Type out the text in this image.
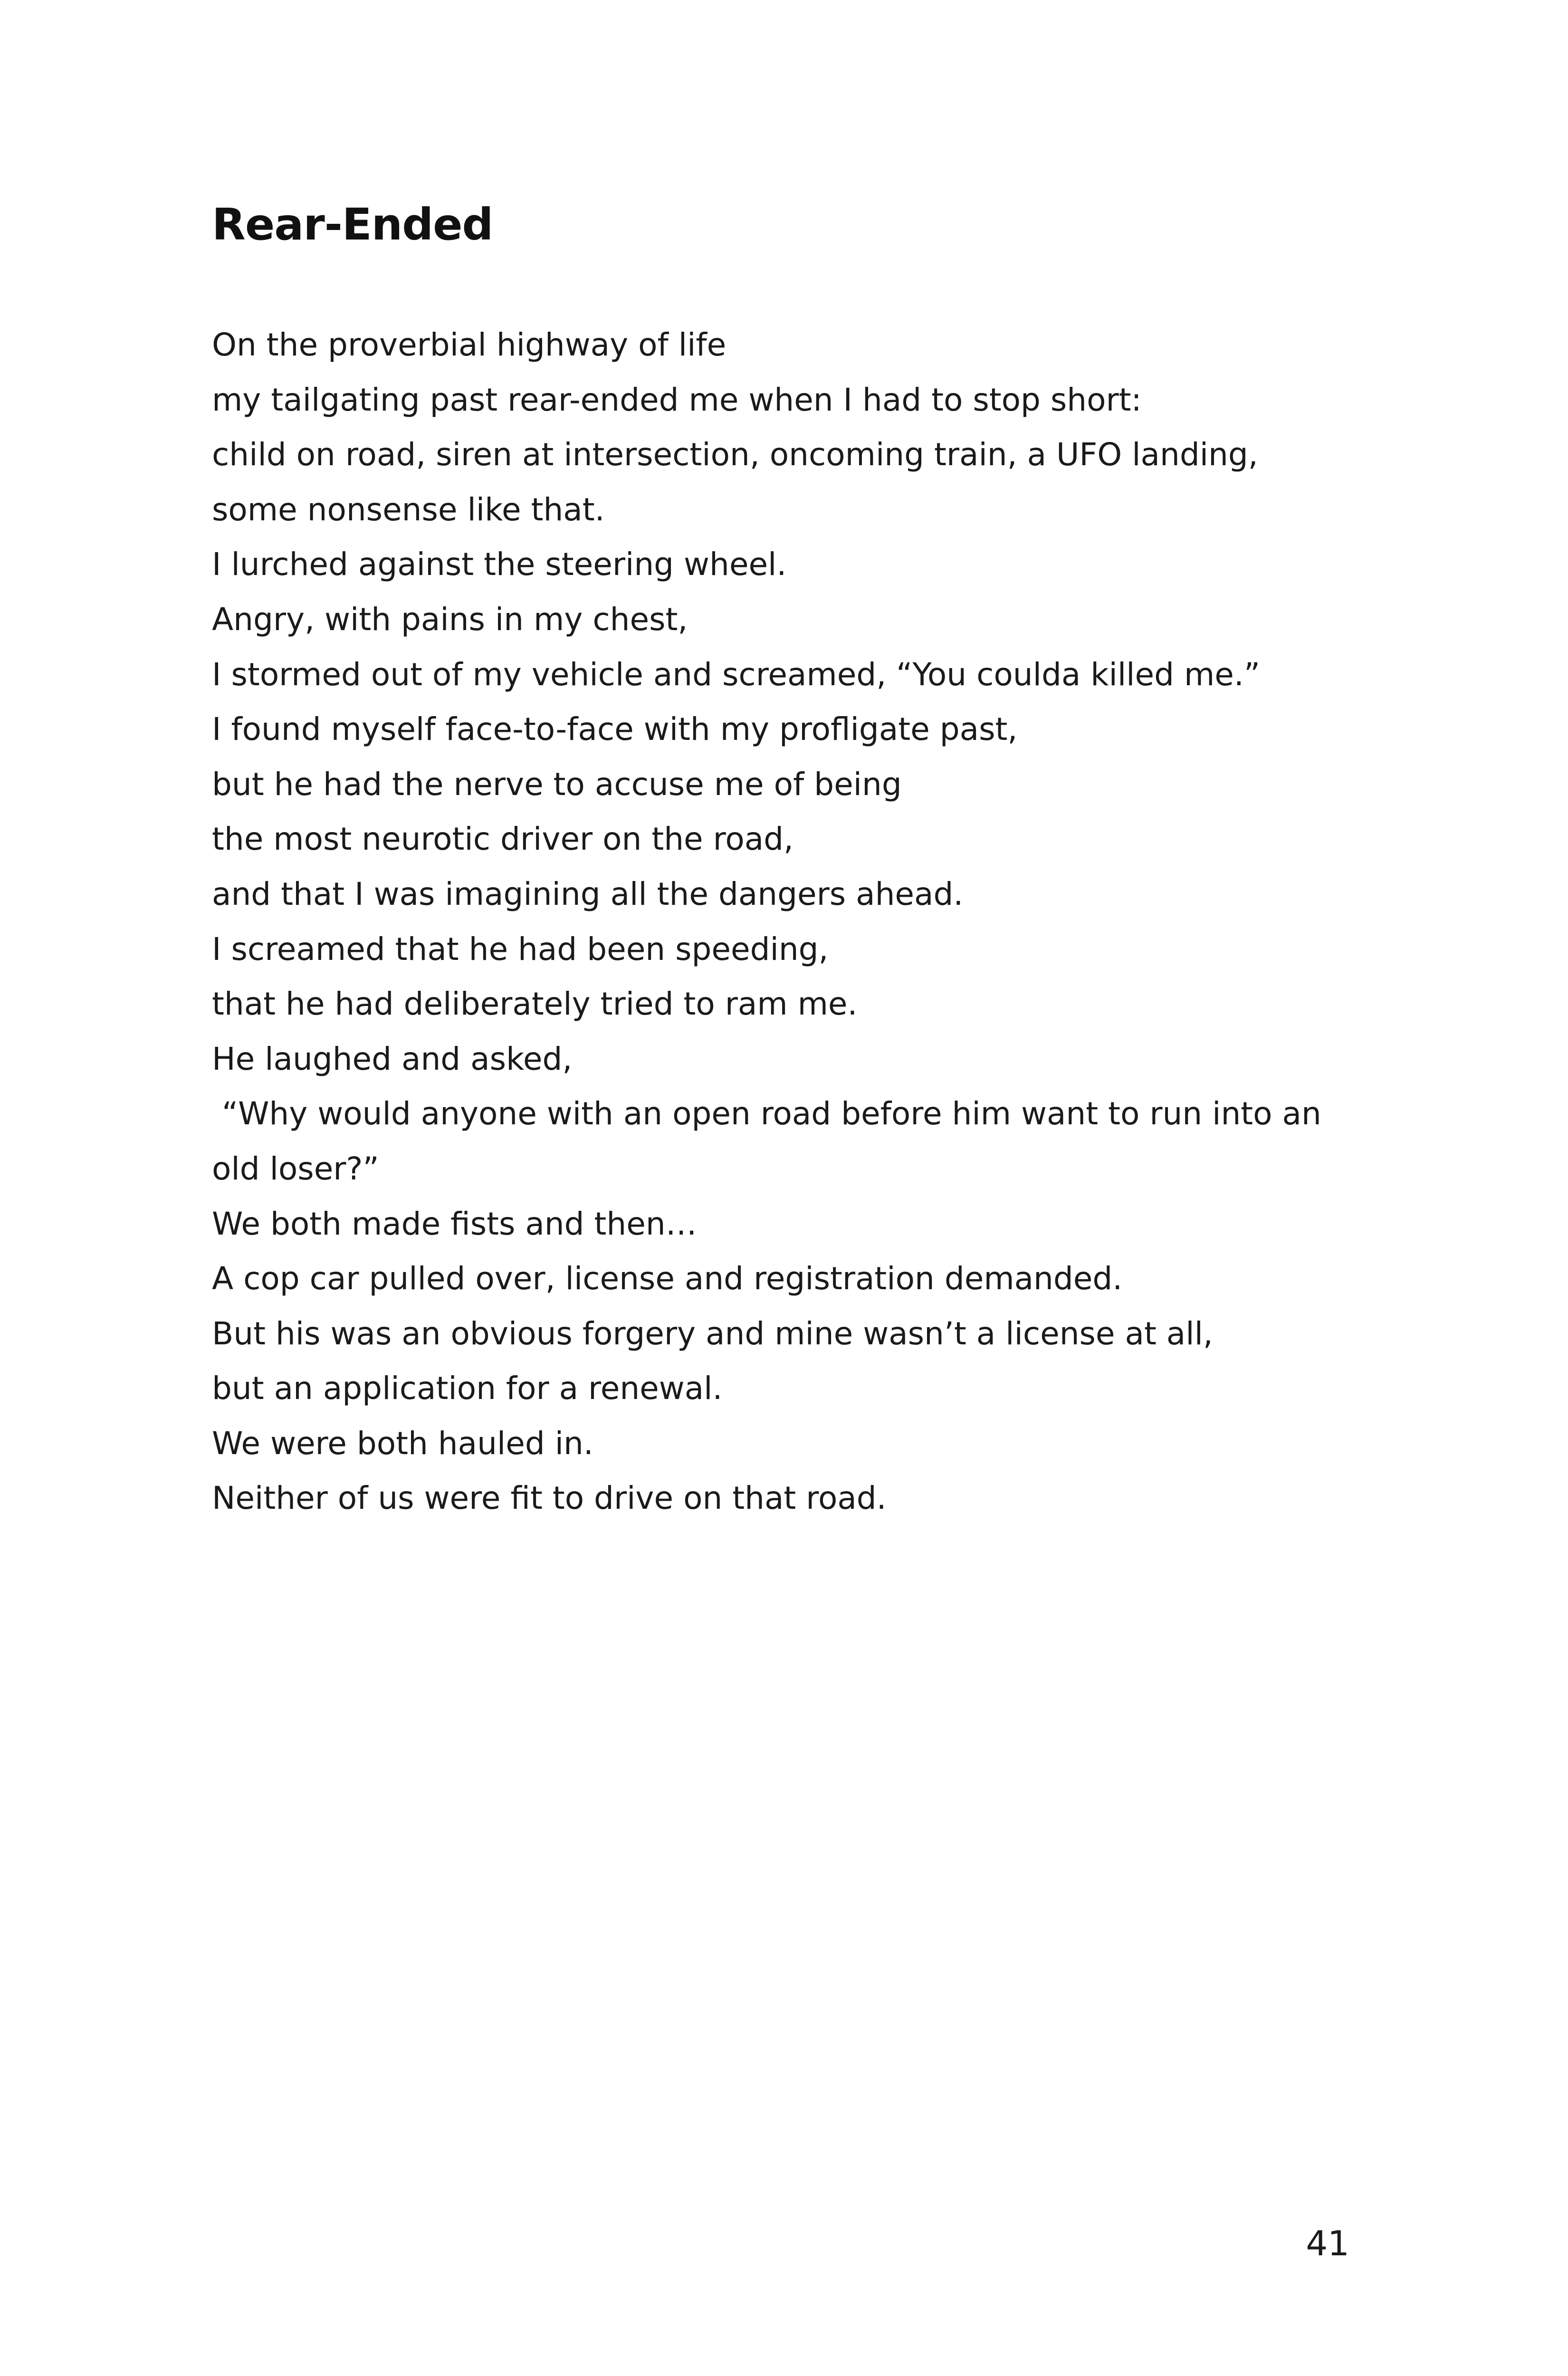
Rear-Ended
On the proverbial highway of life
my tailgating past rear-ended me when I had to stop short:
child on road, siren at intersection, oncoming train, a UFO landing,
some nonsense like that.
I lurched against the steering wheel.
Angry, with pains in my chest,
I stormed out of my vehicle and screamed, “You coulda killed me.”
I found myself face-to-face with my profligate past,
but he had the nerve to accuse me of being
the most neurotic driver on the road,
and that I was imagining all the dangers ahead.
I screamed that he had been speeding,
that he had deliberately tried to ram me.
He laughed and asked,
“Why would anyone with an open road before him want to run into an
old loser?”
We both made fists and then…
A cop car pulled over, license and registration demanded.
But his was an obvious forgery and mine wasn’t a license at all,
but an application for a renewal.
We were both hauled in.
Neither of us were fit to drive on that road.
41
